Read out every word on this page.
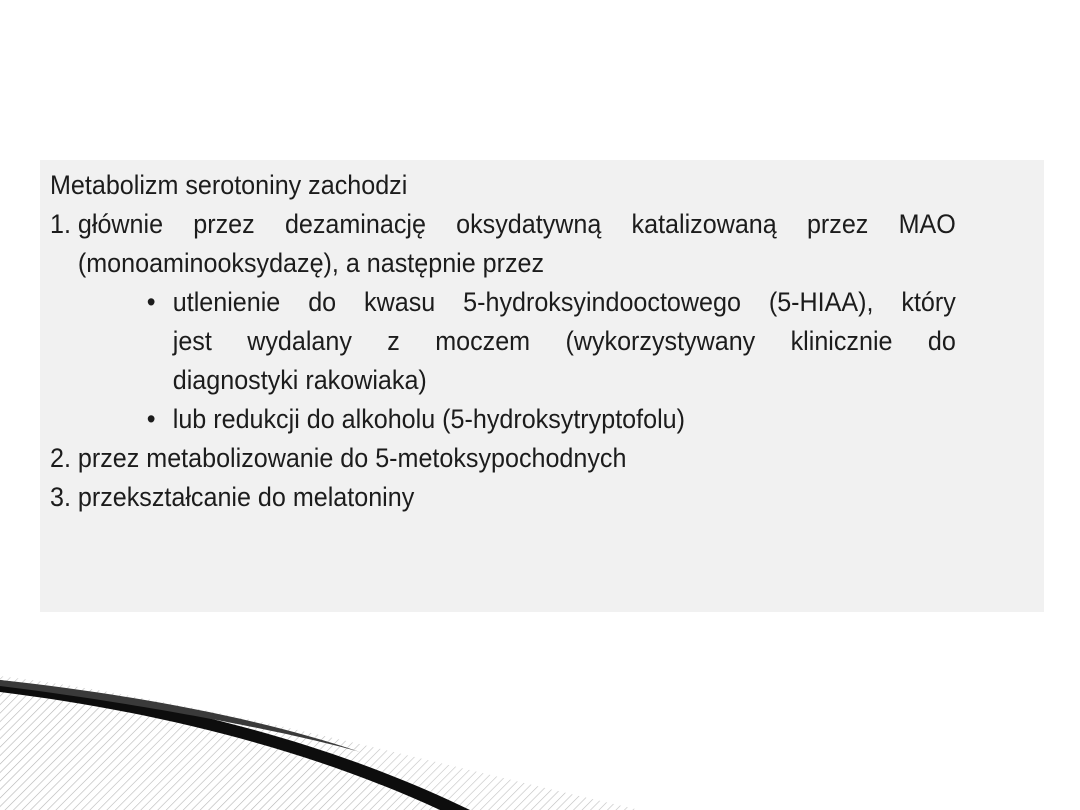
Metabolizm serotoniny zachodzi
1. głównie przez dezaminację oksydatywną katalizowaną przez MAO
(monoaminooksydazę), a następnie przez
• utlenienie do kwasu 5-hydroksyindooctowego (5-HIAA), który
jest wydalany z moczem (wykorzystywany klinicznie do
diagnostyki rakowiaka)
• lub redukcji do alkoholu (5-hydroksytryptofolu)
2. przez metabolizowanie do 5-metoksypochodnych
3. przekształcanie do melatoniny
